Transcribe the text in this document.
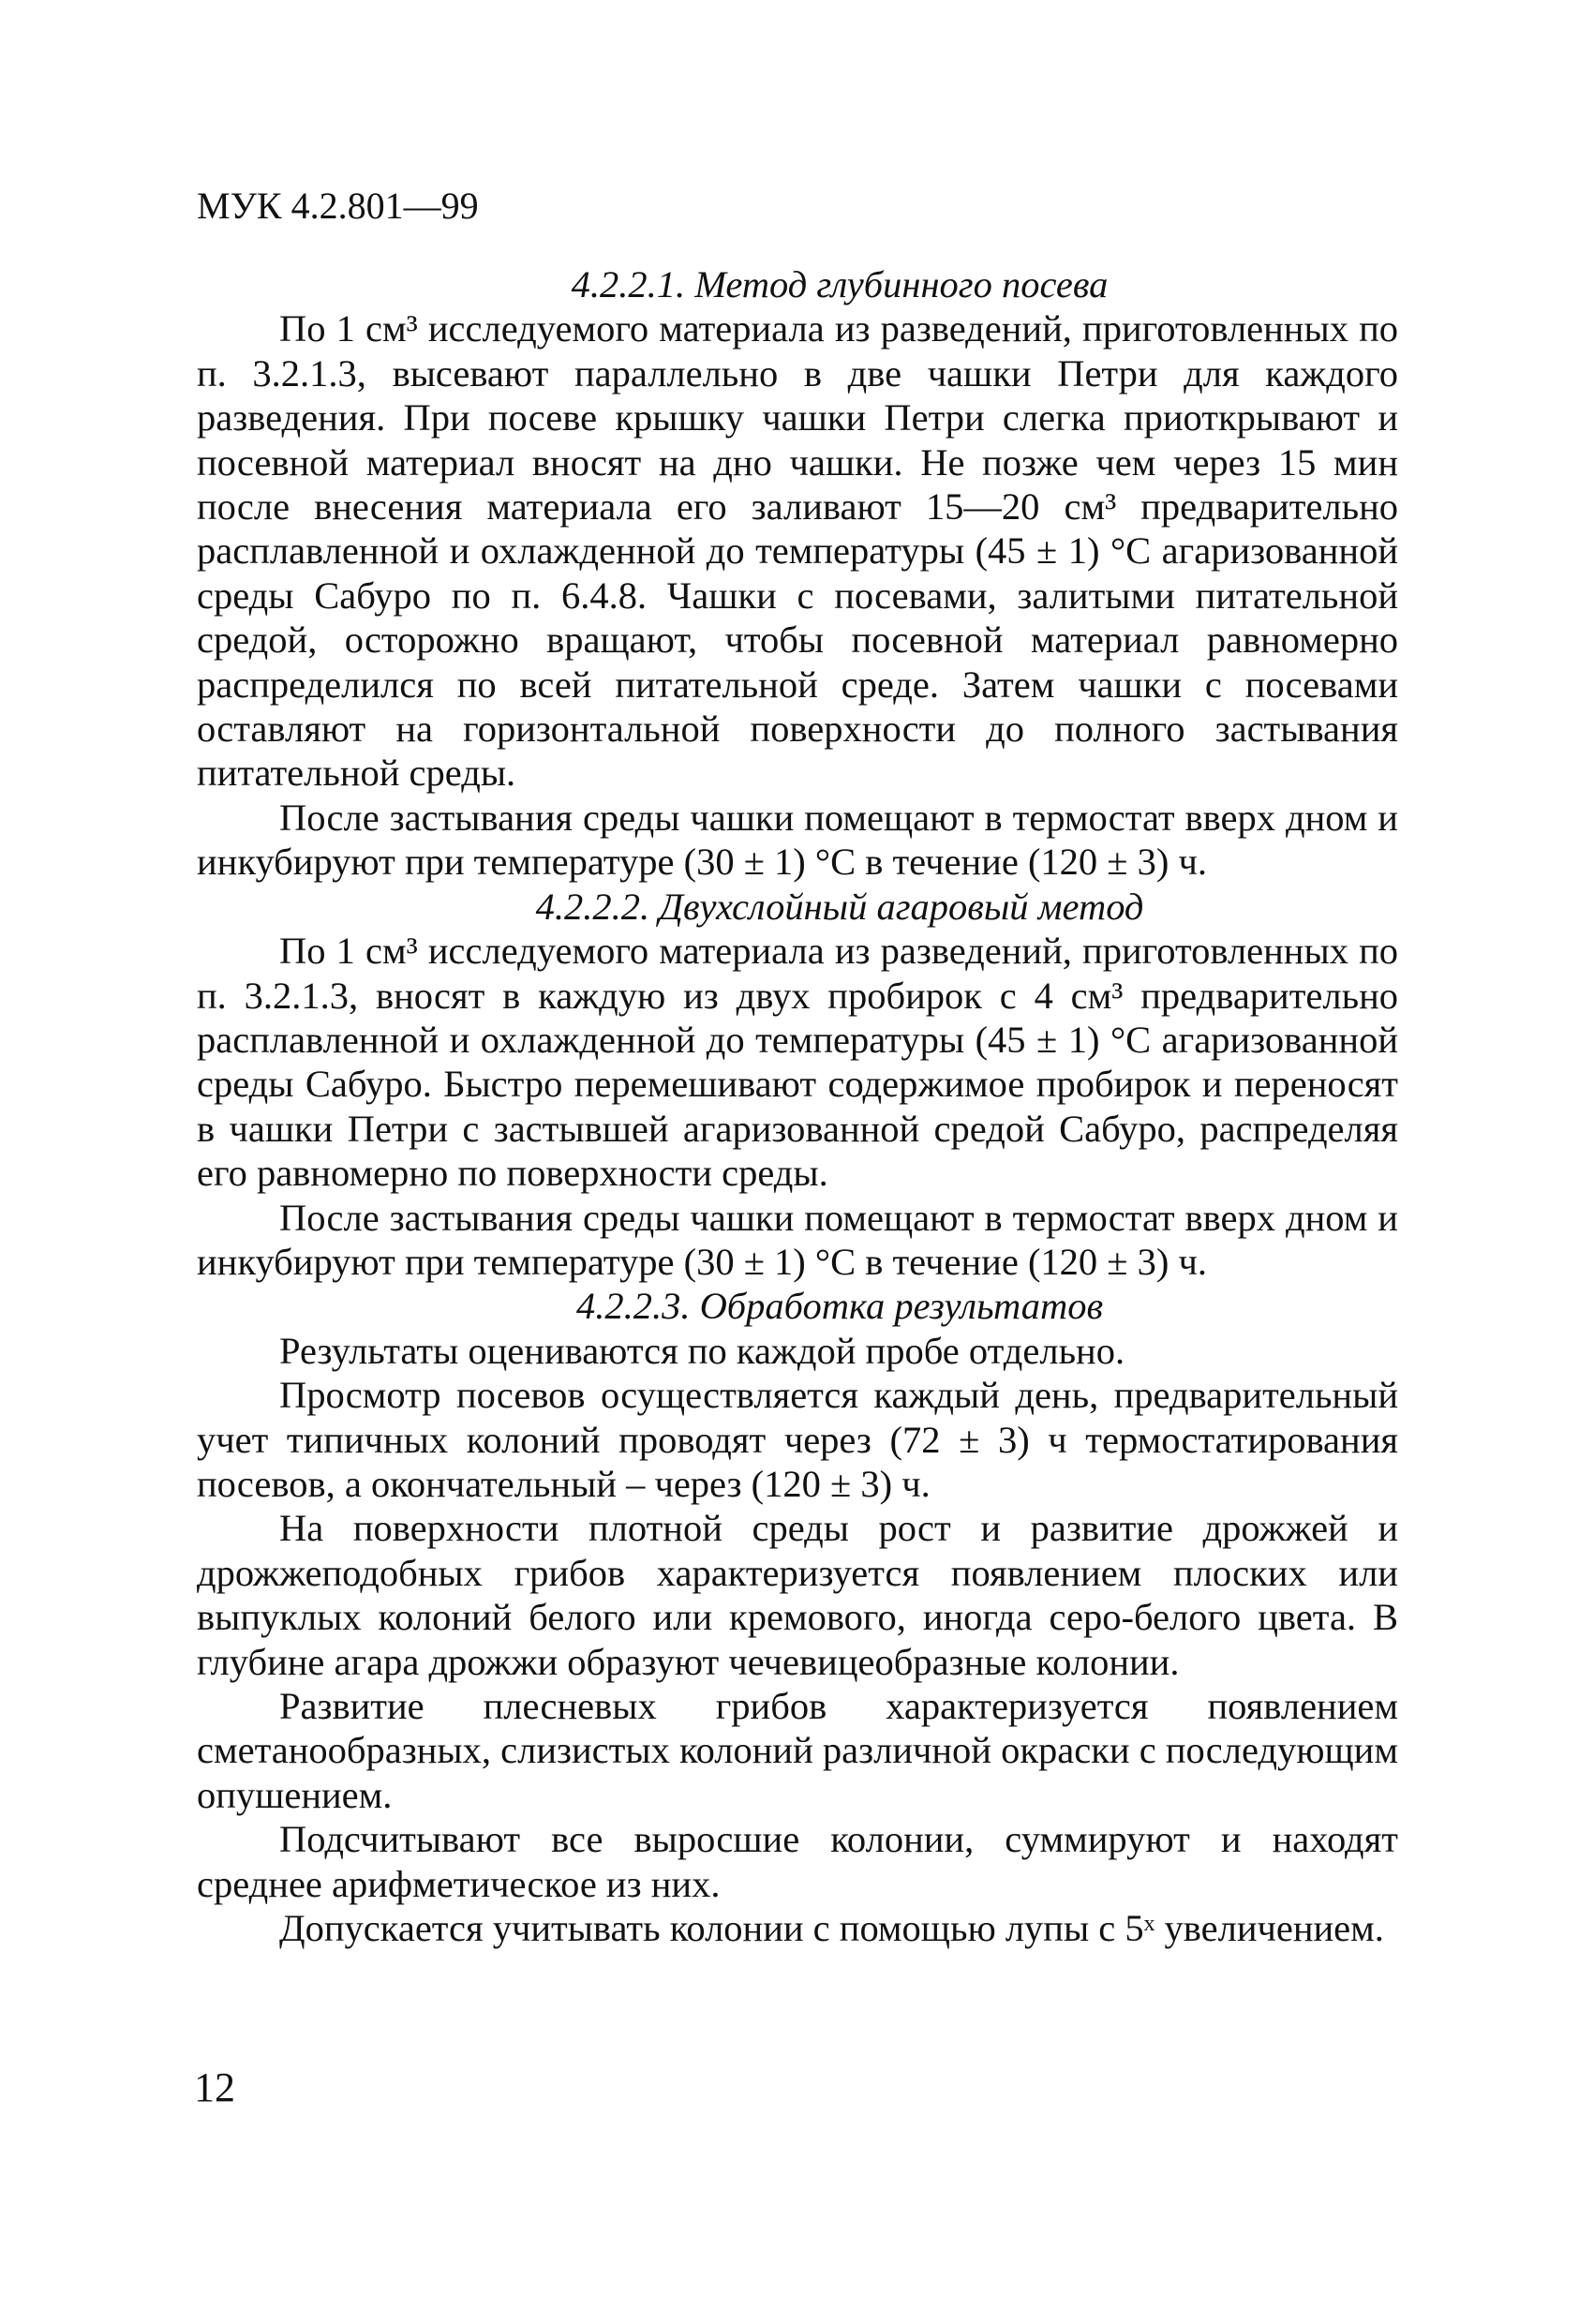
МУК 4.2.801—99
4.2.2.1. Метод глубинного посева

По 1 см³ исследуемого материала из разведений, приготовленных по п. 3.2.1.3, высевают параллельно в две чашки Петри для каждого разведения. При посеве крышку чашки Петри слегка приоткрывают и посевной материал вносят на дно чашки. Не позже чем через 15 мин после внесения материала его заливают 15—20 см³ предварительно расплавленной и охлажденной до температуры (45 ± 1) °С агаризованной среды Сабуро по п. 6.4.8. Чашки с посевами, залитыми питательной средой, осторожно вращают, чтобы посевной материал равномерно распределился по всей питательной среде. Затем чашки с посевами оставляют на горизонтальной поверхности до полного застывания питательной среды.

После застывания среды чашки помещают в термостат вверх дном и инкубируют при температуре (30 ± 1) °С в течение (120 ± 3) ч.

4.2.2.2. Двухслойный агаровый метод

По 1 см³ исследуемого материала из разведений, приготовленных по п. 3.2.1.3, вносят в каждую из двух пробирок с 4 см³ предварительно расплавленной и охлажденной до температуры (45 ± 1) °С агаризованной среды Сабуро. Быстро перемешивают содержимое пробирок и переносят в чашки Петри с застывшей агаризованной средой Сабуро, распределяя его равномерно по поверхности среды.

После застывания среды чашки помещают в термостат вверх дном и инкубируют при температуре (30 ± 1) °С в течение (120 ± 3) ч.

4.2.2.3. Обработка результатов

Результаты оцениваются по каждой пробе отдельно.

Просмотр посевов осуществляется каждый день, предварительный учет типичных колоний проводят через (72 ± 3) ч термостатирования посевов, а окончательный – через (120 ± 3) ч.

На поверхности плотной среды рост и развитие дрожжей и дрожжеподобных грибов характеризуется появлением плоских или выпуклых колоний белого или кремового, иногда серо-белого цвета. В глубине агара дрожжи образуют чечевицеобразные колонии.

Развитие плесневых грибов характеризуется появлением сметанообразных, слизистых колоний различной окраски с последующим опушением.

Подсчитывают все выросшие колонии, суммируют и находят среднее арифметическое из них.

Допускается учитывать колонии с помощью лупы с 5ˣ увеличением.

12
